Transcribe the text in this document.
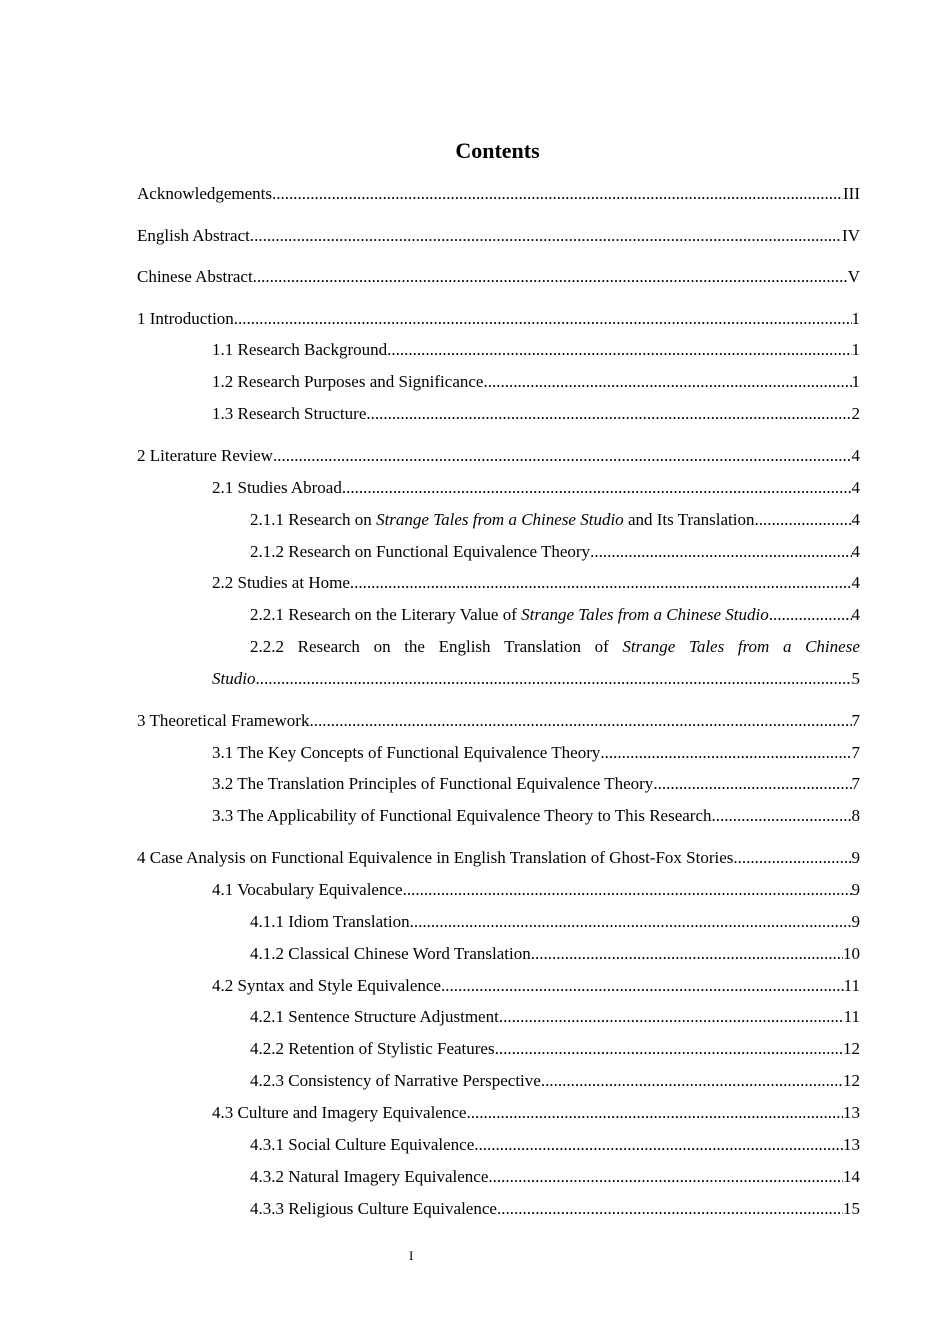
Contents
Acknowledgements .....	III
English Abstract .....	IV
Chinese Abstract .....	V
1 Introduction .....	1
1.1 Research Background .....	1
1.2 Research Purposes and Significance .....	1
1.3 Research Structure .....	2
2 Literature Review .....	4
2.1 Studies Abroad .....	4
2.1.1 Research on Strange Tales from a Chinese Studio and Its Translation .....	4
2.1.2 Research on Functional Equivalence Theory .....	4
2.2 Studies at Home .....	4
2.2.1 Research on the Literary Value of Strange Tales from a Chinese Studio .....	4
2.2.2 Research on the English Translation of Strange Tales from a Chinese
Studio .....	5
3 Theoretical Framework .....	7
3.1 The Key Concepts of Functional Equivalence Theory .....	7
3.2 The Translation Principles of Functional Equivalence Theory .....	7
3.3 The Applicability of Functional Equivalence Theory to This Research .....	8
4 Case Analysis on Functional Equivalence in English Translation of Ghost-Fox Stories .....	9
4.1 Vocabulary Equivalence .....	9
4.1.1 Idiom Translation .....	9
4.1.2 Classical Chinese Word Translation .....	10
4.2 Syntax and Style Equivalence .....	11
4.2.1 Sentence Structure Adjustment .....	11
4.2.2 Retention of Stylistic Features .....	12
4.2.3 Consistency of Narrative Perspective .....	12
4.3 Culture and Imagery Equivalence .....	13
4.3.1 Social Culture Equivalence .....	13
4.3.2 Natural Imagery Equivalence .....	14
4.3.3 Religious Culture Equivalence .....	15
I
